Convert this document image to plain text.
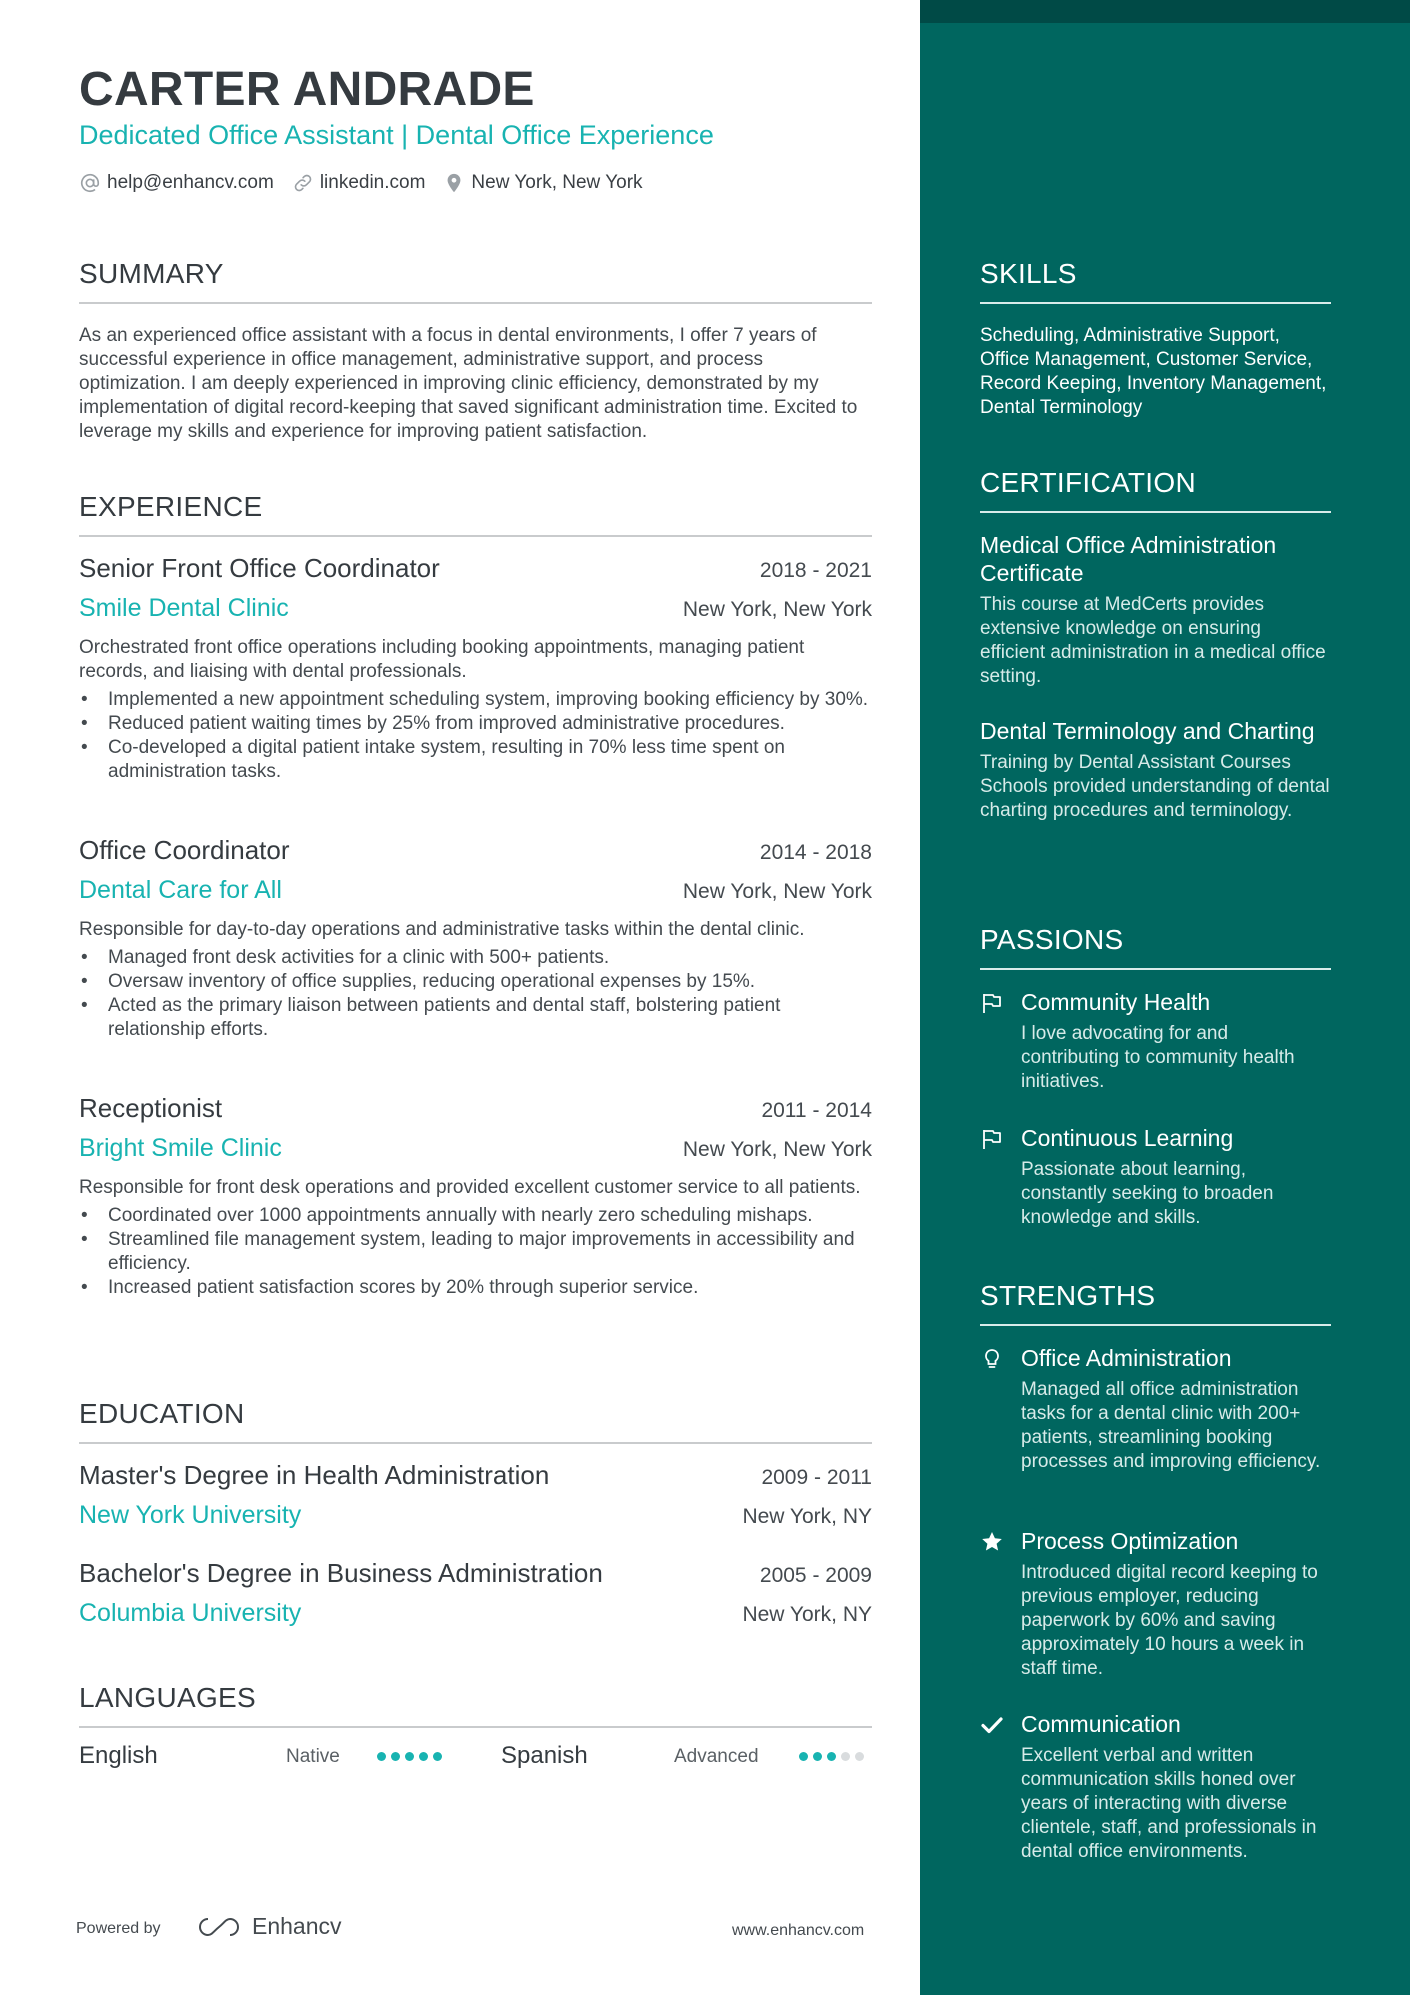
CARTER ANDRADE
Dedicated Office Assistant | Dental Office Experience
help@enhancv.com linkedin.com New York, New York
SUMMARY

As an experienced office assistant with a focus in dental environments, I offer 7 years of successful experience in office management, administrative support, and process optimization. I am deeply experienced in improving clinic efficiency, demonstrated by my implementation of digital record-keeping that saved significant administration time. Excited to leverage my skills and experience for improving patient satisfaction.

EXPERIENCE
Senior Front Office Coordinator	2018 - 2021
Smile Dental Clinic	New York, New York

Orchestrated front office operations including booking appointments, managing patient records, and liaising with dental professionals.

• Implemented a new appointment scheduling system, improving booking efficiency by 30%.
• Reduced patient waiting times by 25% from improved administrative procedures.
• Co-developed a digital patient intake system, resulting in 70% less time spent on administration tasks.
Office Coordinator	2014 - 2018
Dental Care for All	New York, New York

Responsible for day-to-day operations and administrative tasks within the dental clinic.

• Managed front desk activities for a clinic with 500+ patients.
• Oversaw inventory of office supplies, reducing operational expenses by 15%.
• Acted as the primary liaison between patients and dental staff, bolstering patient relationship efforts.
Receptionist	2011 - 2014
Bright Smile Clinic	New York, New York

Responsible for front desk operations and provided excellent customer service to all patients.

• Coordinated over 1000 appointments annually with nearly zero scheduling mishaps.
• Streamlined file management system, leading to major improvements in accessibility and efficiency.
• Increased patient satisfaction scores by 20% through superior service.
EDUCATION
Master's Degree in Health Administration	2009 - 2011
New York University	New York, NY
Bachelor's Degree in Business Administration	2005 - 2009
Columbia University	New York, NY
LANGUAGES
English	Native	Spanish	Advanced
Powered by	Enhancv	www.enhancv.com
SKILLS

Scheduling, Administrative Support, Office Management, Customer Service, Record Keeping, Inventory Management, Dental Terminology

CERTIFICATION
Medical Office Administration Certificate
This course at MedCerts provides extensive knowledge on ensuring efficient administration in a medical office setting.
Dental Terminology and Charting
Training by Dental Assistant Courses Schools provided understanding of dental charting procedures and terminology.
PASSIONS
Community Health
I love advocating for and contributing to community health initiatives.
Continuous Learning
Passionate about learning, constantly seeking to broaden knowledge and skills.
STRENGTHS
Office Administration
Managed all office administration tasks for a dental clinic with 200+ patients, streamlining booking processes and improving efficiency.
Process Optimization
Introduced digital record keeping to previous employer, reducing paperwork by 60% and saving approximately 10 hours a week in staff time.
Communication
Excellent verbal and written communication skills honed over years of interacting with diverse clientele, staff, and professionals in dental office environments.
